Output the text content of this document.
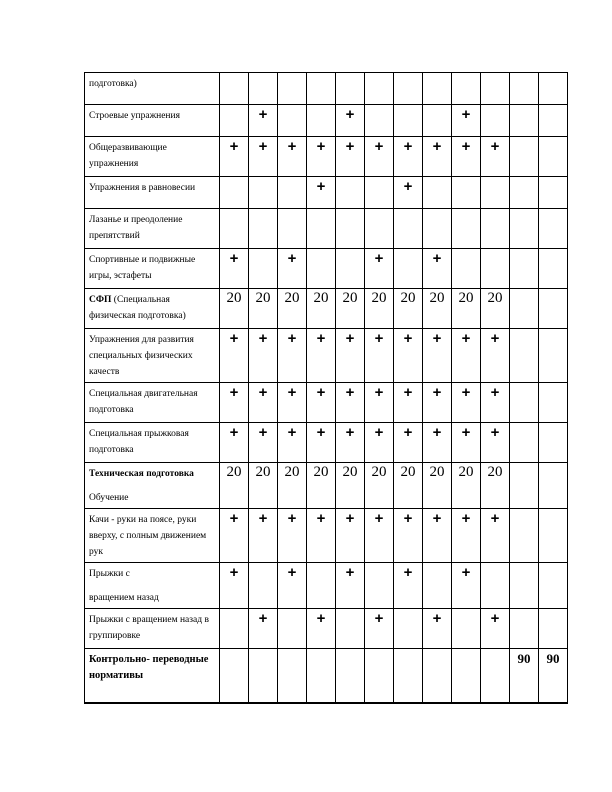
подготовка)												
Строевые упражнения		+			+				+			

Общеразвивающие упражнения	+	+	+	+	+	+	+	+	+	+		

Упражнения в равновесии				+			+					

Лазанье и преодоление препятствий												
Спортивные и подвижные игры, эстафеты	+		+			+		+				

СФП (Специальная физическая подготовка)	20	20	20	20	20	20	20	20	20	20		

Упражнения для развития специальных физических качеств	+	+	+	+	+	+	+	+	+	+		

Специальная двигательная подготовка	+	+	+	+	+	+	+	+	+	+		

Специальная прыжковая подготовка	+	+	+	+	+	+	+	+	+	+		

Техническая подготовка
Обучение	20	20	20	20	20	20	20	20	20	20		

Качи - руки на поясе, руки вверху, с полным движением рук	+	+	+	+	+	+	+	+	+	+		

Прыжки с
вращением назад	+		+		+		+		+			

Прыжки с вращением назад в группировке		+		+		+		+		+		

Контрольно- переводные нормативы											90	90
